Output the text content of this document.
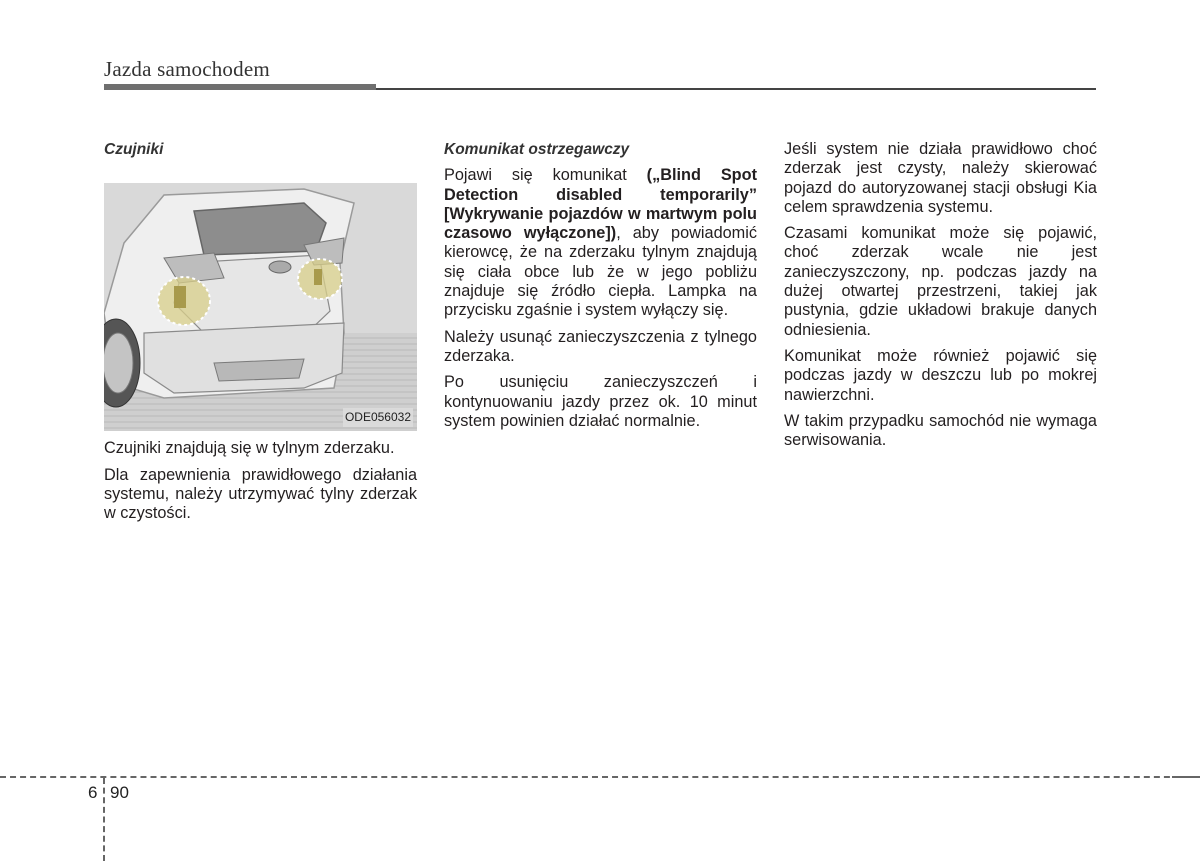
Jazda samochodem

Czujniki

ODE056032

Czujniki znajdują się w tylnym zderzaku.

Dla zapewnienia prawidłowego działania systemu, należy utrzymywać tylny zderzak w czystości.

Komunikat ostrzegawczy

Pojawi się komunikat („Blind Spot Detection disabled temporarily” [Wykrywanie pojazdów w martwym polu czasowo wyłączone]), aby powiadomić kierowcę, że na zderzaku tylnym znajdują się ciała obce lub że w jego pobliżu znajduje się źródło ciepła. Lampka na przycisku zgaśnie i system wyłączy się.

Należy usunąć zanieczyszczenia z tylnego zderzaka.

Po usunięciu zanieczyszczeń i kontynuowaniu jazdy przez ok. 10 minut system powinien działać normalnie.

Jeśli system nie działa prawidłowo choć zderzak jest czysty, należy skierować pojazd do autoryzowanej stacji obsługi Kia celem sprawdzenia systemu.

Czasami komunikat może się pojawić, choć zderzak wcale nie jest zanieczyszczony, np. podczas jazdy na dużej otwartej przestrzeni, takiej jak pustynia, gdzie układowi brakuje danych odniesienia.

Komunikat może również pojawić się podczas jazdy w deszczu lub po mokrej nawierzchni.

W takim przypadku samochód nie wymaga serwisowania.

6 90
